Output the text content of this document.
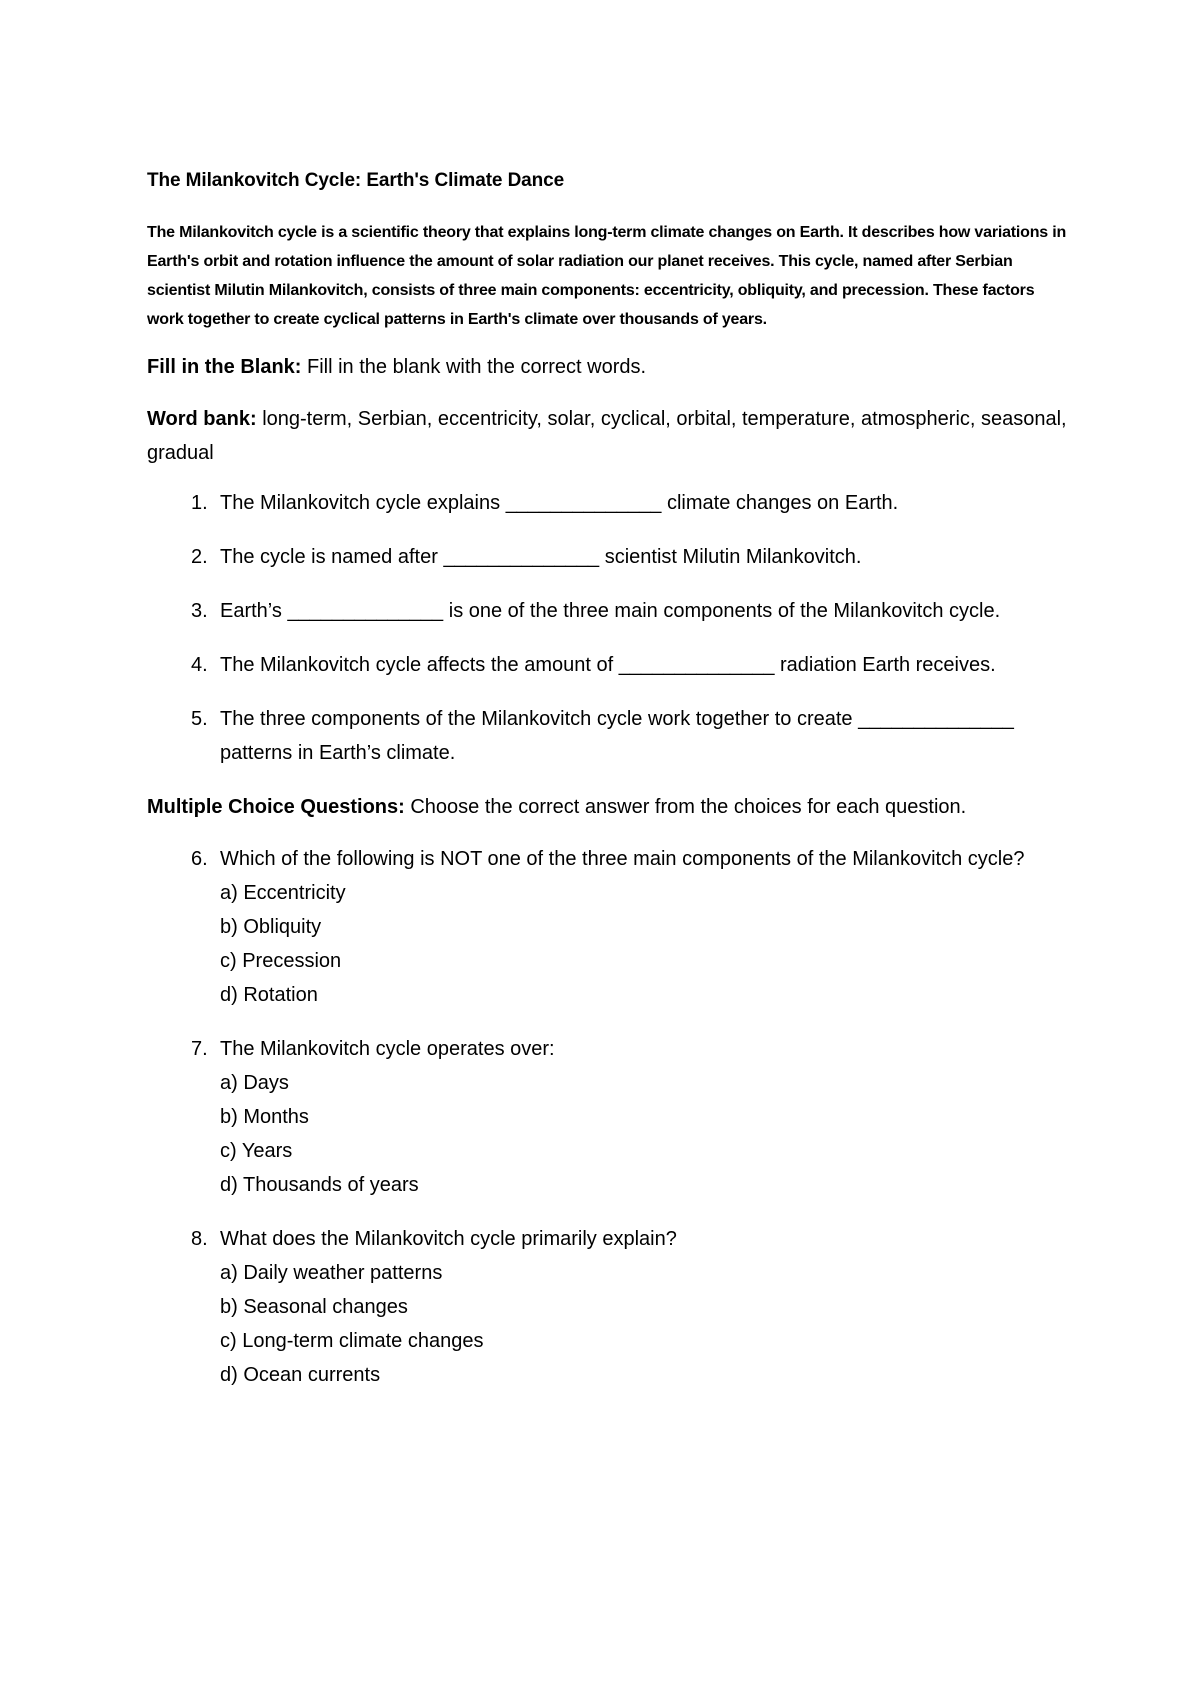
The Milankovitch Cycle: Earth's Climate Dance
The Milankovitch cycle is a scientific theory that explains long-term climate changes on Earth. It describes how variations in Earth's orbit and rotation influence the amount of solar radiation our planet receives. This cycle, named after Serbian scientist Milutin Milankovitch, consists of three main components: eccentricity, obliquity, and precession. These factors work together to create cyclical patterns in Earth's climate over thousands of years.
Fill in the Blank: Fill in the blank with the correct words.
Word bank: long-term, Serbian, eccentricity, solar, cyclical, orbital, temperature, atmospheric, seasonal, gradual
1. The Milankovitch cycle explains ______________ climate changes on Earth.
2. The cycle is named after ______________ scientist Milutin Milankovitch.
3. Earth’s ______________ is one of the three main components of the Milankovitch cycle.
4. The Milankovitch cycle affects the amount of ______________ radiation Earth receives.
5. The three components of the Milankovitch cycle work together to create ______________ patterns in Earth’s climate.
Multiple Choice Questions: Choose the correct answer from the choices for each question.
6. Which of the following is NOT one of the three main components of the Milankovitch cycle?
a) Eccentricity
b) Obliquity
c) Precession
d) Rotation
7. The Milankovitch cycle operates over:
a) Days
b) Months
c) Years
d) Thousands of years
8. What does the Milankovitch cycle primarily explain?
a) Daily weather patterns
b) Seasonal changes
c) Long-term climate changes
d) Ocean currents
